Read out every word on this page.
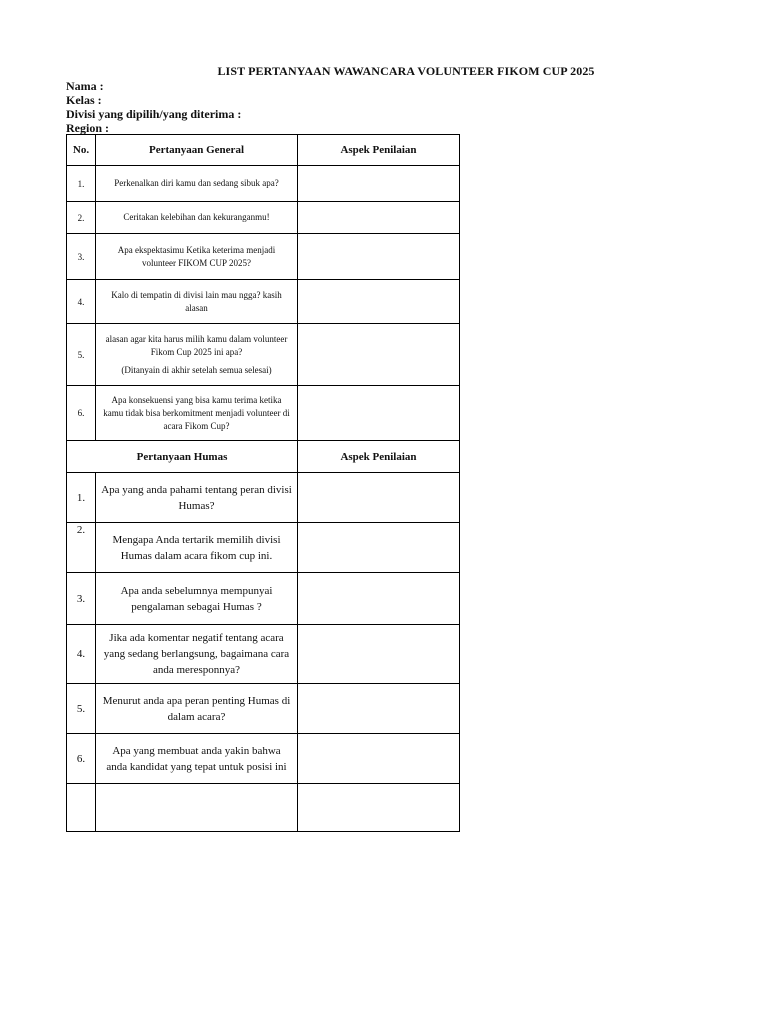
LIST PERTANYAAN WAWANCARA VOLUNTEER FIKOM CUP 2025
Nama :
Kelas :
Divisi yang dipilih/yang diterima :
Region :
No.	Pertanyaan General	Aspek Penilaian
1.	Perkenalkan diri kamu dan sedang sibuk apa?	
2.	Ceritakan kelebihan dan kekuranganmu!	
3.	Apa ekspektasimu Ketika keterima menjadi volunteer FIKOM CUP 2025?	
4.	Kalo di tempatin di divisi lain mau ngga? kasih alasan	
5.	alasan agar kita harus milih kamu dalam volunteer Fikom Cup 2025 ini apa?
(Ditanyain di akhir setelah semua selesai)	

6.	Apa konsekuensi yang bisa kamu terima ketika kamu tidak bisa berkomitment menjadi volunteer di acara Fikom Cup?	
Pertanyaan Humas		Aspek Penilaian
1.	Apa yang anda pahami tentang peran divisi Humas?	
2.	Mengapa Anda tertarik memilih divisi Humas dalam acara fikom cup ini.	
3.	Apa anda sebelumnya mempunyai pengalaman sebagai Humas ?	
4.	Jika ada komentar negatif tentang acara yang sedang berlangsung, bagaimana cara anda meresponnya?	
5.	Menurut anda apa peran penting Humas di dalam acara?	
6.	Apa yang membuat anda yakin bahwa anda kandidat yang tepat untuk posisi ini	
